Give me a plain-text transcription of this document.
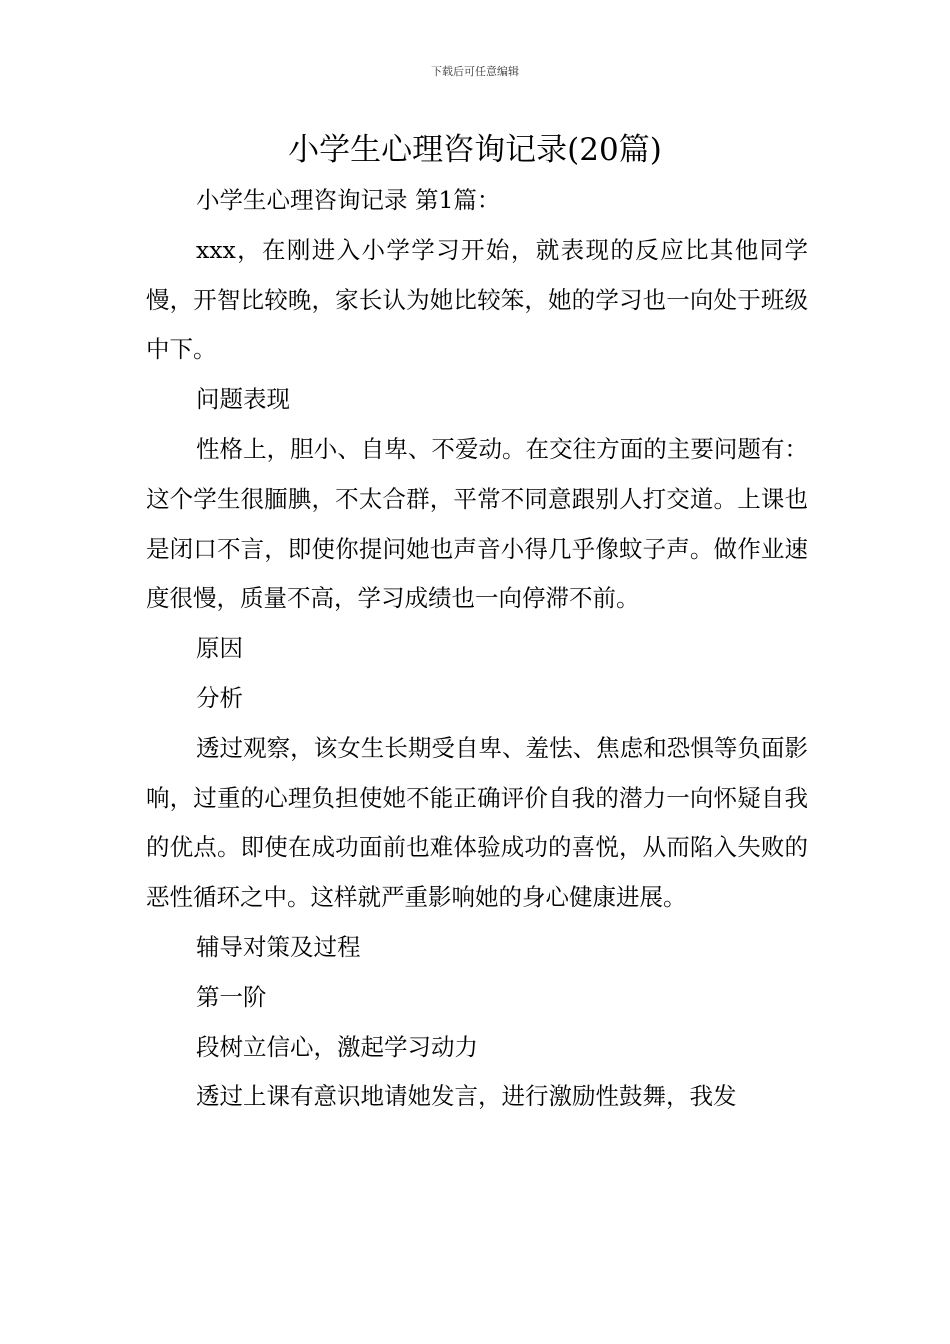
下载后可任意编辑
小学生心理咨询记录(20篇)

小学生心理咨询记录 第1篇：

xxx，在刚进入小学学习开始，就表现的反应比其他同学慢，开智比较晚，家长认为她比较笨，她的学习也一向处于班级中下。

问题表现

性格上，胆小、自卑、不爱动。在交往方面的主要问题有：这个学生很腼腆，不太合群，平常不同意跟别人打交道。上课也是闭口不言，即使你提问她也声音小得几乎像蚊子声。做作业速度很慢，质量不高，学习成绩也一向停滞不前。

原因

分析

透过观察，该女生长期受自卑、羞怯、焦虑和恐惧等负面影响，过重的心理负担使她不能正确评价自我的潜力一向怀疑自我的优点。即使在成功面前也难体验成功的喜悦，从而陷入失败的恶性循环之中。这样就严重影响她的身心健康进展。

辅导对策及过程

第一阶

段树立信心，激起学习动力

透过上课有意识地请她发言，进行激励性鼓舞，我发
